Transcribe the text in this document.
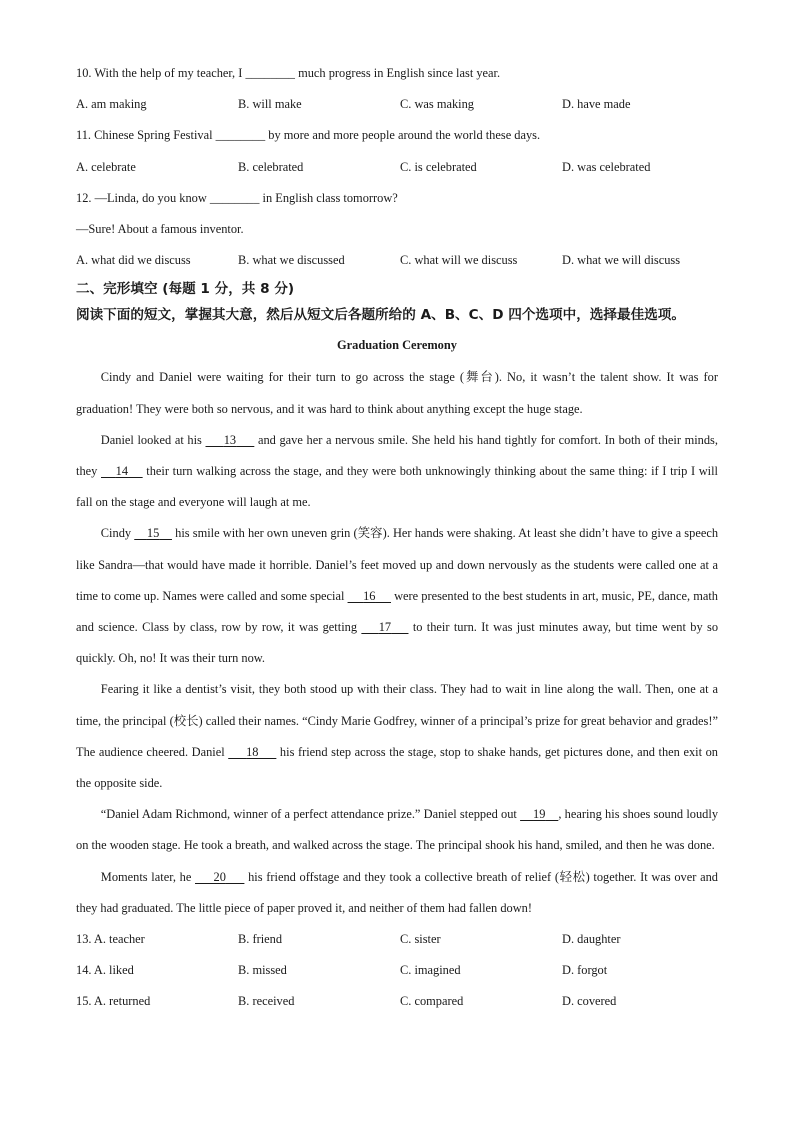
10. With the help of my teacher, I ________ much progress in English since last year.
A. am making	B. will make	C. was making	D. have made
11. Chinese Spring Festival ________ by more and more people around the world these days.
A. celebrate	B. celebrated	C. is celebrated	D. was celebrated
12. —Linda, do you know ________ in English class tomorrow?
—Sure! About a famous inventor.
A. what did we discuss	B. what we discussed	C. what will we discuss	D. what we will discuss
二、完形填空 (每题 1 分，共 8 分)
阅读下面的短文，掌握其大意，然后从短文后各题所给的 A、B、C、D 四个选项中，选择最佳选项。
Graduation Ceremony
Cindy and Daniel were waiting for their turn to go across the stage (舞台). No, it wasn’t the talent show. It was for graduation! They were both so nervous, and it was hard to think about anything except the huge stage.
Daniel looked at his      13      and gave her a nervous smile. She held his hand tightly for comfort. In both of their minds, they     14     their turn walking across the stage, and they were both unknowingly thinking about the same thing: if I trip I will fall on the stage and everyone will laugh at me.
Cindy     15     his smile with her own uneven grin (笑容). Her hands were shaking. At least she didn’t have to give a speech like Sandra—that would have made it horrible. Daniel’s feet moved up and down nervously as the students were called one at a time to come up. Names were called and some special      16      were presented to the best students in art, music, PE, dance, math and science. Class by class, row by row, it was getting     17     to their turn. It was just minutes away, but time went by so quickly. Oh, no! It was their turn now.
Fearing it like a dentist’s visit, they both stood up with their class. They had to wait in line along the wall. Then, one at a time, the principal (校长) called their names. “Cindy Marie Godfrey, winner of a principal’s prize for great behavior and grades!” The audience cheered. Daniel      18      his friend step across the stage, stop to shake hands, get pictures done, and then exit on the opposite side.
“Daniel Adam Richmond, winner of a perfect attendance prize.” Daniel stepped out     19 , hearing his shoes sound loudly on the wooden stage. He took a breath, and walked across the stage. The principal shook his hand, smiled, and then he was done.
Moments later, he      20      his friend offstage and they took a collective breath of relief (轻松) together. It was over and they had graduated. The little piece of paper proved it, and neither of them had fallen down!
13. A. teacher	B. friend	C. sister	D. daughter
14. A. liked	B. missed	C. imagined	D. forgot
15. A. returned	B. received	C. compared	D. covered
